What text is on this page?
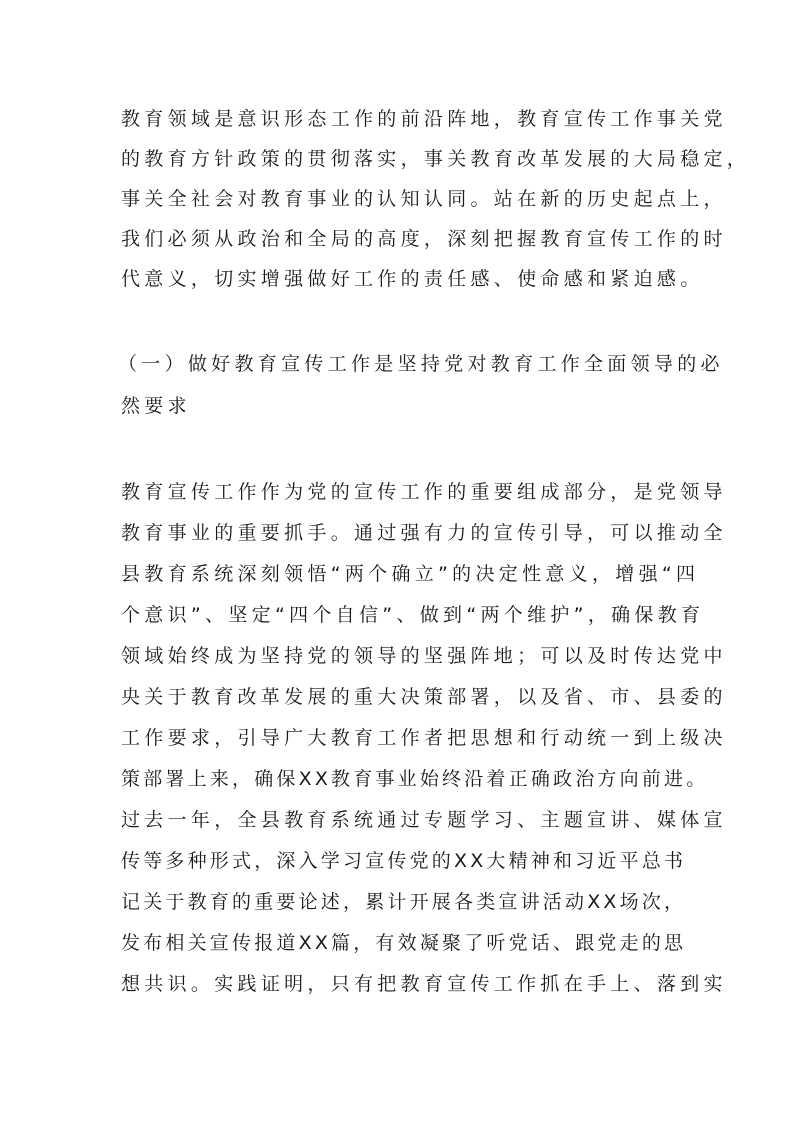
教育领域是意识形态工作的前沿阵地，教育宣传工作事关党
的教育方针政策的贯彻落实，事关教育改革发展的大局稳定，
事关全社会对教育事业的认知认同。站在新的历史起点上，
我们必须从政治和全局的高度，深刻把握教育宣传工作的时
代意义，切实增强做好工作的责任感、使命感和紧迫感。
（一）做好教育宣传工作是坚持党对教育工作全面领导的必
然要求
教育宣传工作作为党的宣传工作的重要组成部分，是党领导
教育事业的重要抓手。通过强有力的宣传引导，可以推动全
县教育系统深刻领悟“两个确立”的决定性意义，增强“四
个意识”、坚定“四个自信”、做到“两个维护”，确保教育
领域始终成为坚持党的领导的坚强阵地；可以及时传达党中
央关于教育改革发展的重大决策部署，以及省、市、县委的
工作要求，引导广大教育工作者把思想和行动统一到上级决
策部署上来，确保XX教育事业始终沿着正确政治方向前进。
过去一年，全县教育系统通过专题学习、主题宣讲、媒体宣
传等多种形式，深入学习宣传党的XX大精神和习近平总书
记关于教育的重要论述，累计开展各类宣讲活动XX场次，
发布相关宣传报道XX篇，有效凝聚了听党话、跟党走的思
想共识。实践证明，只有把教育宣传工作抓在手上、落到实
